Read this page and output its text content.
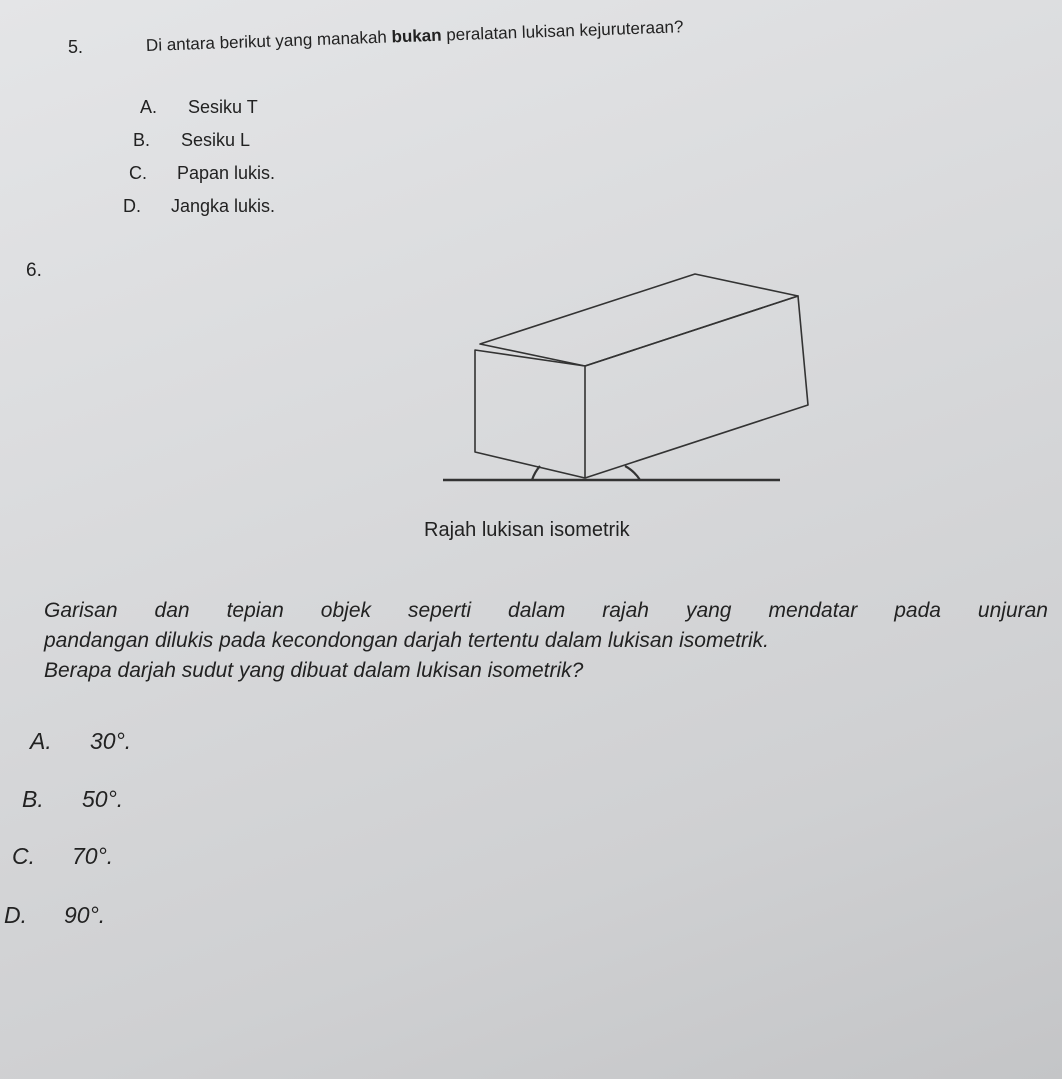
5.	Di antara berikut yang manakah bukan peralatan lukisan kejuruteraan?
A. Sesiku T
B. Sesiku L
C. Papan lukis.
D. Jangka lukis.
6.
Rajah lukisan isometrik
Garisan dan tepian objek seperti dalam rajah yang mendatar pada unjuran
pandangan dilukis pada kecondongan darjah tertentu dalam lukisan isometrik.
Berapa darjah sudut yang dibuat dalam lukisan isometrik?
A. 30°.
B. 50°.
C. 70°.
D. 90°.
